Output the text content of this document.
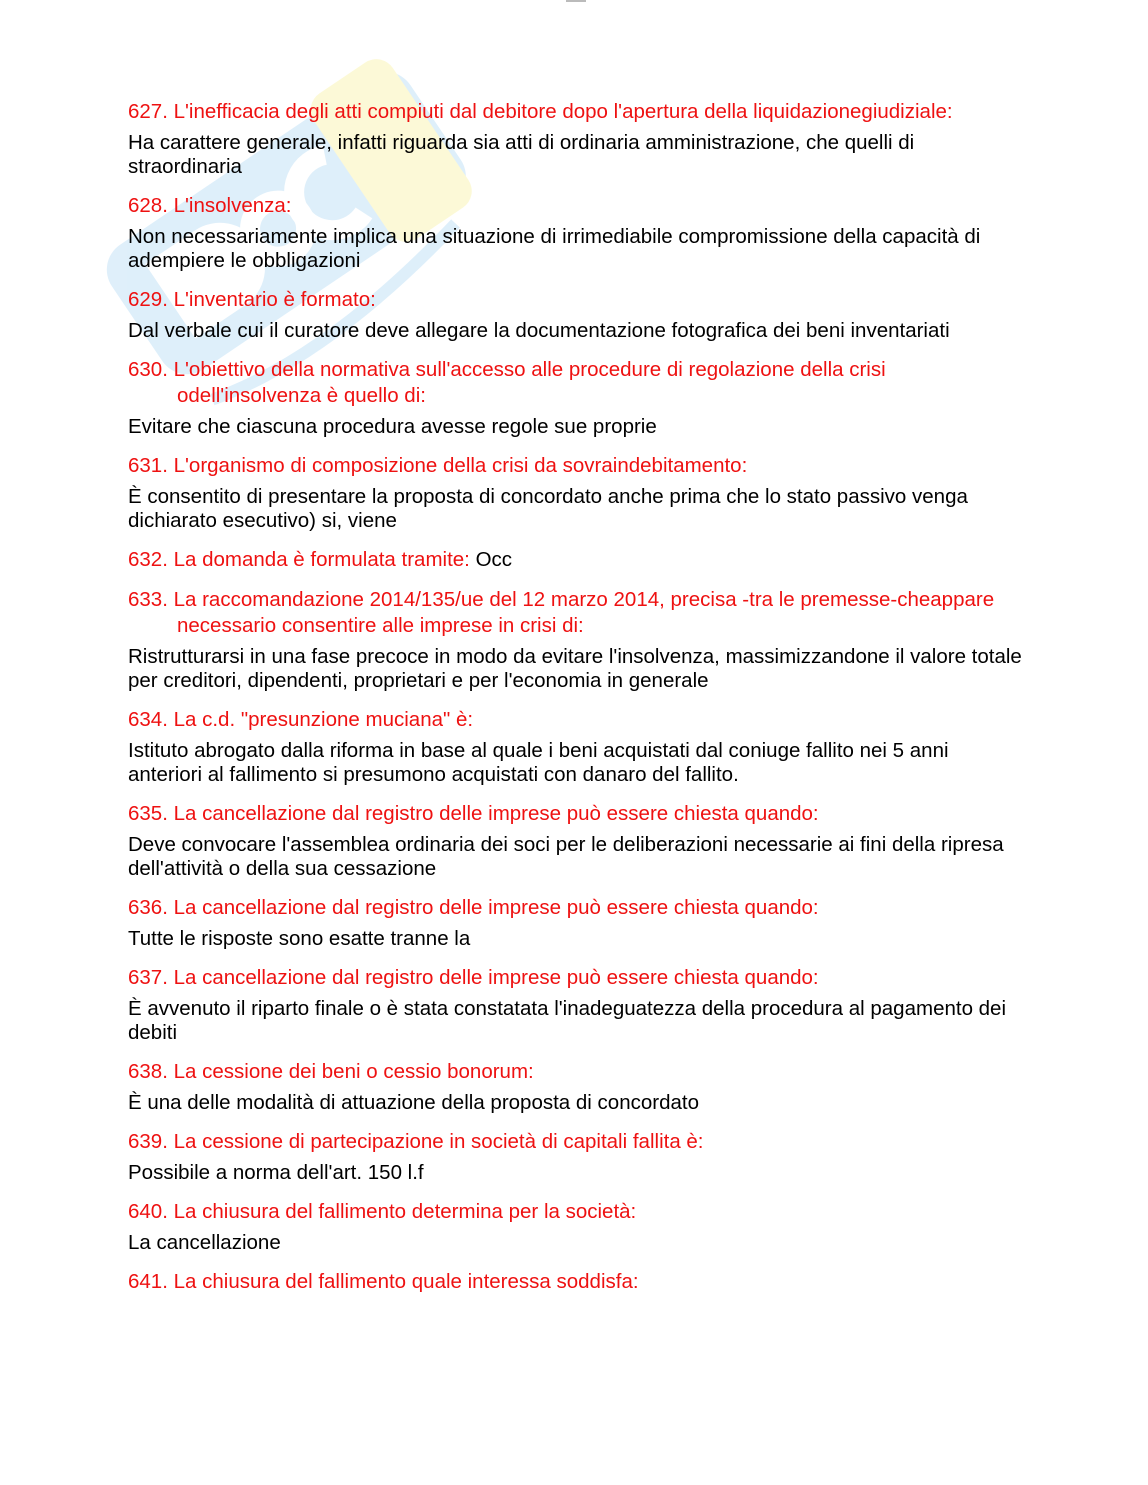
627. L'inefficacia degli atti compiuti dal debitore dopo l'apertura della liquidazionegiudiziale:

Ha carattere generale, infatti riguarda sia atti di ordinaria amministrazione, che quelli di straordinaria

628. L'insolvenza:

Non necessariamente implica una situazione di irrimediabile compromissione della capacità di adempiere le obbligazioni

629. L'inventario è formato:

Dal verbale cui il curatore deve allegare la documentazione fotografica dei beni inventariati

630. L'obiettivo della normativa sull'accesso alle procedure di regolazione della crisi odell'insolvenza è quello di:

Evitare che ciascuna procedura avesse regole sue proprie

631. L'organismo di composizione della crisi da sovraindebitamento:

È consentito di presentare la proposta di concordato anche prima che lo stato passivo venga dichiarato esecutivo) si, viene

632. La domanda è formulata tramite: Occ

633. La raccomandazione 2014/135/ue del 12 marzo 2014, precisa -tra le premesse-cheappare necessario consentire alle imprese in crisi di:

Ristrutturarsi in una fase precoce in modo da evitare l'insolvenza, massimizzandone il valore totale per creditori, dipendenti, proprietari e per l'economia in generale

634. La c.d. "presunzione muciana" è:

Istituto abrogato dalla riforma in base al quale i beni acquistati dal coniuge fallito nei 5 anni anteriori al fallimento si presumono acquistati con danaro del fallito.

635. La cancellazione dal registro delle imprese può essere chiesta quando:

Deve convocare l'assemblea ordinaria dei soci per le deliberazioni necessarie ai fini della ripresa dell'attività o della sua cessazione

636. La cancellazione dal registro delle imprese può essere chiesta quando:

Tutte le risposte sono esatte tranne la

637. La cancellazione dal registro delle imprese può essere chiesta quando:

È avvenuto il riparto finale o è stata constatata l'inadeguatezza della procedura al pagamento dei debiti

638. La cessione dei beni o cessio bonorum:

È una delle modalità di attuazione della proposta di concordato

639. La cessione di partecipazione in società di capitali fallita è:

Possibile a norma dell'art. 150 l.f

640. La chiusura del fallimento determina per la società:

La cancellazione

641. La chiusura del fallimento quale interessa soddisfa:
